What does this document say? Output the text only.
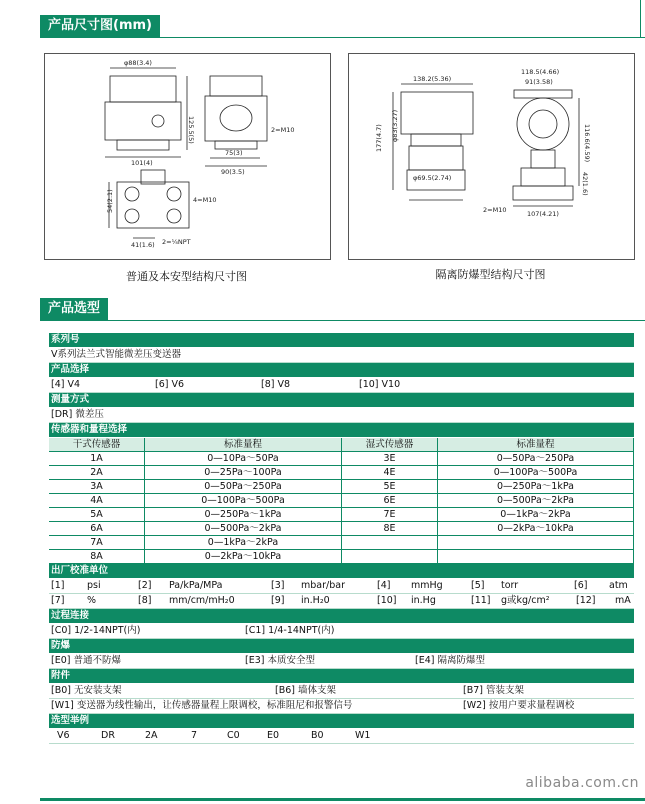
产品尺寸图(mm)
φ88(3.4)
125.5(5)
101(4)
2=M10
75(3)
90(3.5)
54(2.1)	4=M10
41(1.6) 2=¼NPT
普通及本安型结构尺寸图
138.2(5.36)
φ83(3.27)
177(4.7)
φ69.5(2.74)
2=M10
118.5(4.66)
91(3.58)
116.6(4.59)
42(1.6)
107(4.21)
隔离防爆型结构尺寸图
产品选型
系列号
V系列法兰式智能微差压变送器
产品选择
[4] V4	[6] V6	[8] V8	[10] V10
测量方式
[DR] 微差压
传感器和量程选择
干式传感器	标准量程	湿式传感器	标准量程
1A	0—10Pa～50Pa	3E	0—50Pa～250Pa
2A	0—25Pa～100Pa	4E	0—100Pa～500Pa
3A	0—50Pa～250Pa	5E	0—250Pa～1kPa
4A	0—100Pa～500Pa	6E	0—500Pa～2kPa
5A	0—250Pa～1kPa	7E	0—1kPa～2kPa
6A	0—500Pa～2kPa	8E	0—2kPa～10kPa
7A	0—1kPa～2kPa
8A	0—2kPa～10kPa
出厂校准单位
[1] psi	[2] Pa/kPa/MPa	[3] mbar/bar	[4] mmHg	[5] torr	[6] atm
[7] %	[8] mm/cm/mH₂0	[9] in.H₂0	[10] in.Hg	[11] g或kg/cm²	[12] mA
过程连接
[C0] 1/2-14NPT(内)	[C1] 1/4-14NPT(内)
防爆
[E0] 普通不防爆	[E3] 本质安全型	[E4] 隔离防爆型
附件
[B0] 无安装支架	[B6] 墙体支架	[B7] 管装支架
[W1] 变送器为线性输出，让传感器量程上限调校，标准阻尼和报警信号	[W2] 按用户要求量程调校
选型举例
V6	DR	2A	7	C0	E0	B0	W1
alibaba.com.cn
